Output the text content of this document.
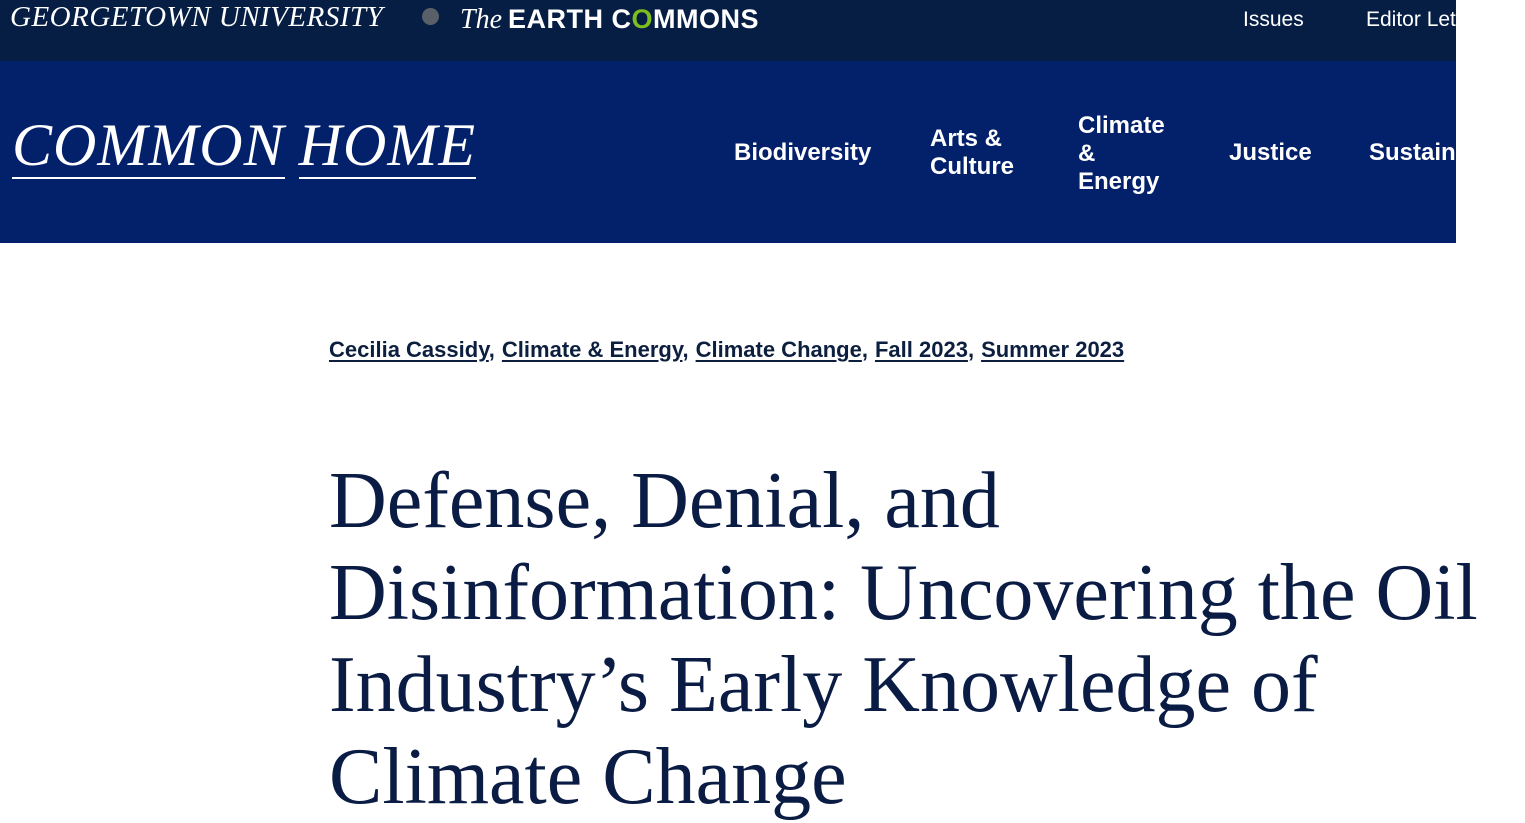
GEORGETOWN UNIVERSITY	The EARTH COMMONS	Issues	Editor Letter
COMMON HOME	Biodiversity
Arts &
Culture
Climate
&
Energy
Justice Sustainability
Cecilia Cassidy, Climate & Energy, Climate Change, Fall 2023, Summer 2023
Defense, Denial, and
Disinformation: Uncovering the Oil
Industry’s Early Knowledge of
Climate Change
